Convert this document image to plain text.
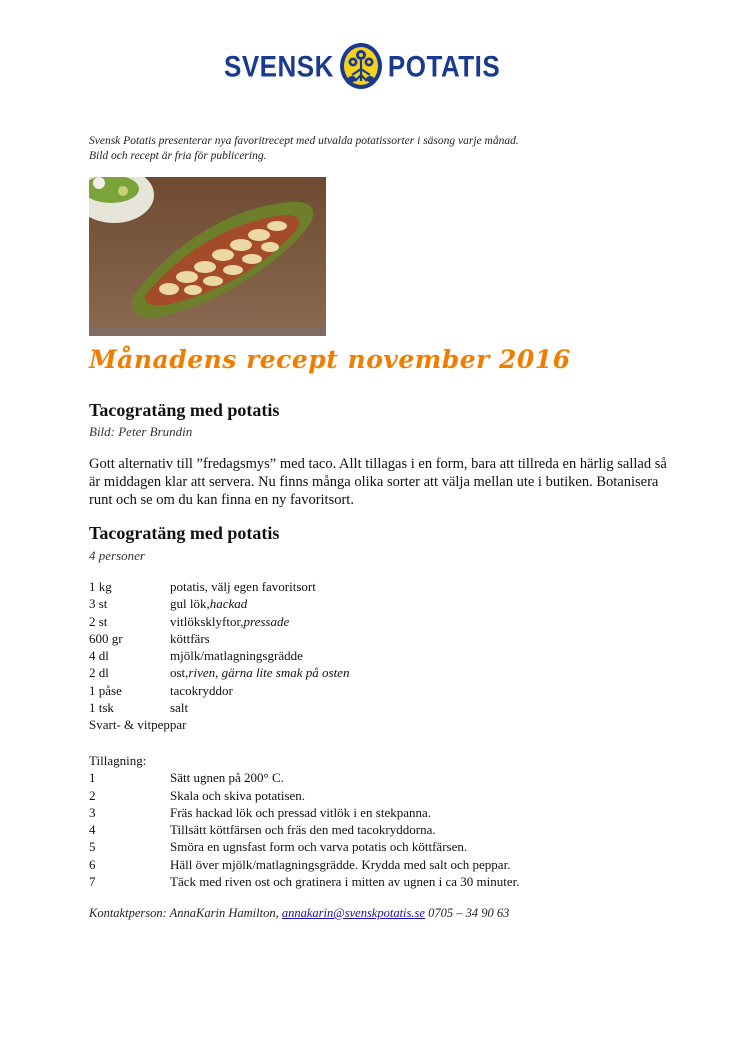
SVENSK POTATIS
Svensk Potatis presenterar nya favoritrecept med utvalda potatissorter i säsong varje månad.
Bild och recept är fria för publicering.
Månadens recept november 2016
Tacogratäng med potatis
Bild: Peter Brundin
Gott alternativ till ”fredagsmys” med taco. Allt tillagas i en form, bara att tillreda en härlig sallad så är middagen klar att servera. Nu finns många olika sorter att välja mellan ute i butiken. Botanisera runt och se om du kan finna en ny favoritsort.
Tacogratäng med potatis
4 personer
1 kg	potatis, välj egen favoritsort
3 st	gul lök, hackad
2 st	vitlöksklyftor, pressade
600 gr	köttfärs
4 dl	mjölk/matlagningsgrädde
2 dl	ost, riven, gärna lite smak på osten
1 påse	tacokryddor
1 tsk	salt
Svart- & vitpeppar
Tillagning:
1	Sätt ugnen på 200° C.
2	Skala och skiva potatisen.
3	Fräs hackad lök och pressad vitlök i en stekpanna.
4	Tillsätt köttfärsen och fräs den med tacokryddorna.
5	Smöra en ugnsfast form och varva potatis och köttfärsen.
6	Häll över mjölk/matlagningsgrädde. Krydda med salt och peppar.
7	Täck med riven ost och gratinera i mitten av ugnen i ca 30 minuter.
Kontaktperson: AnnaKarin Hamilton, annakarin@svenskpotatis.se 0705 – 34 90 63
